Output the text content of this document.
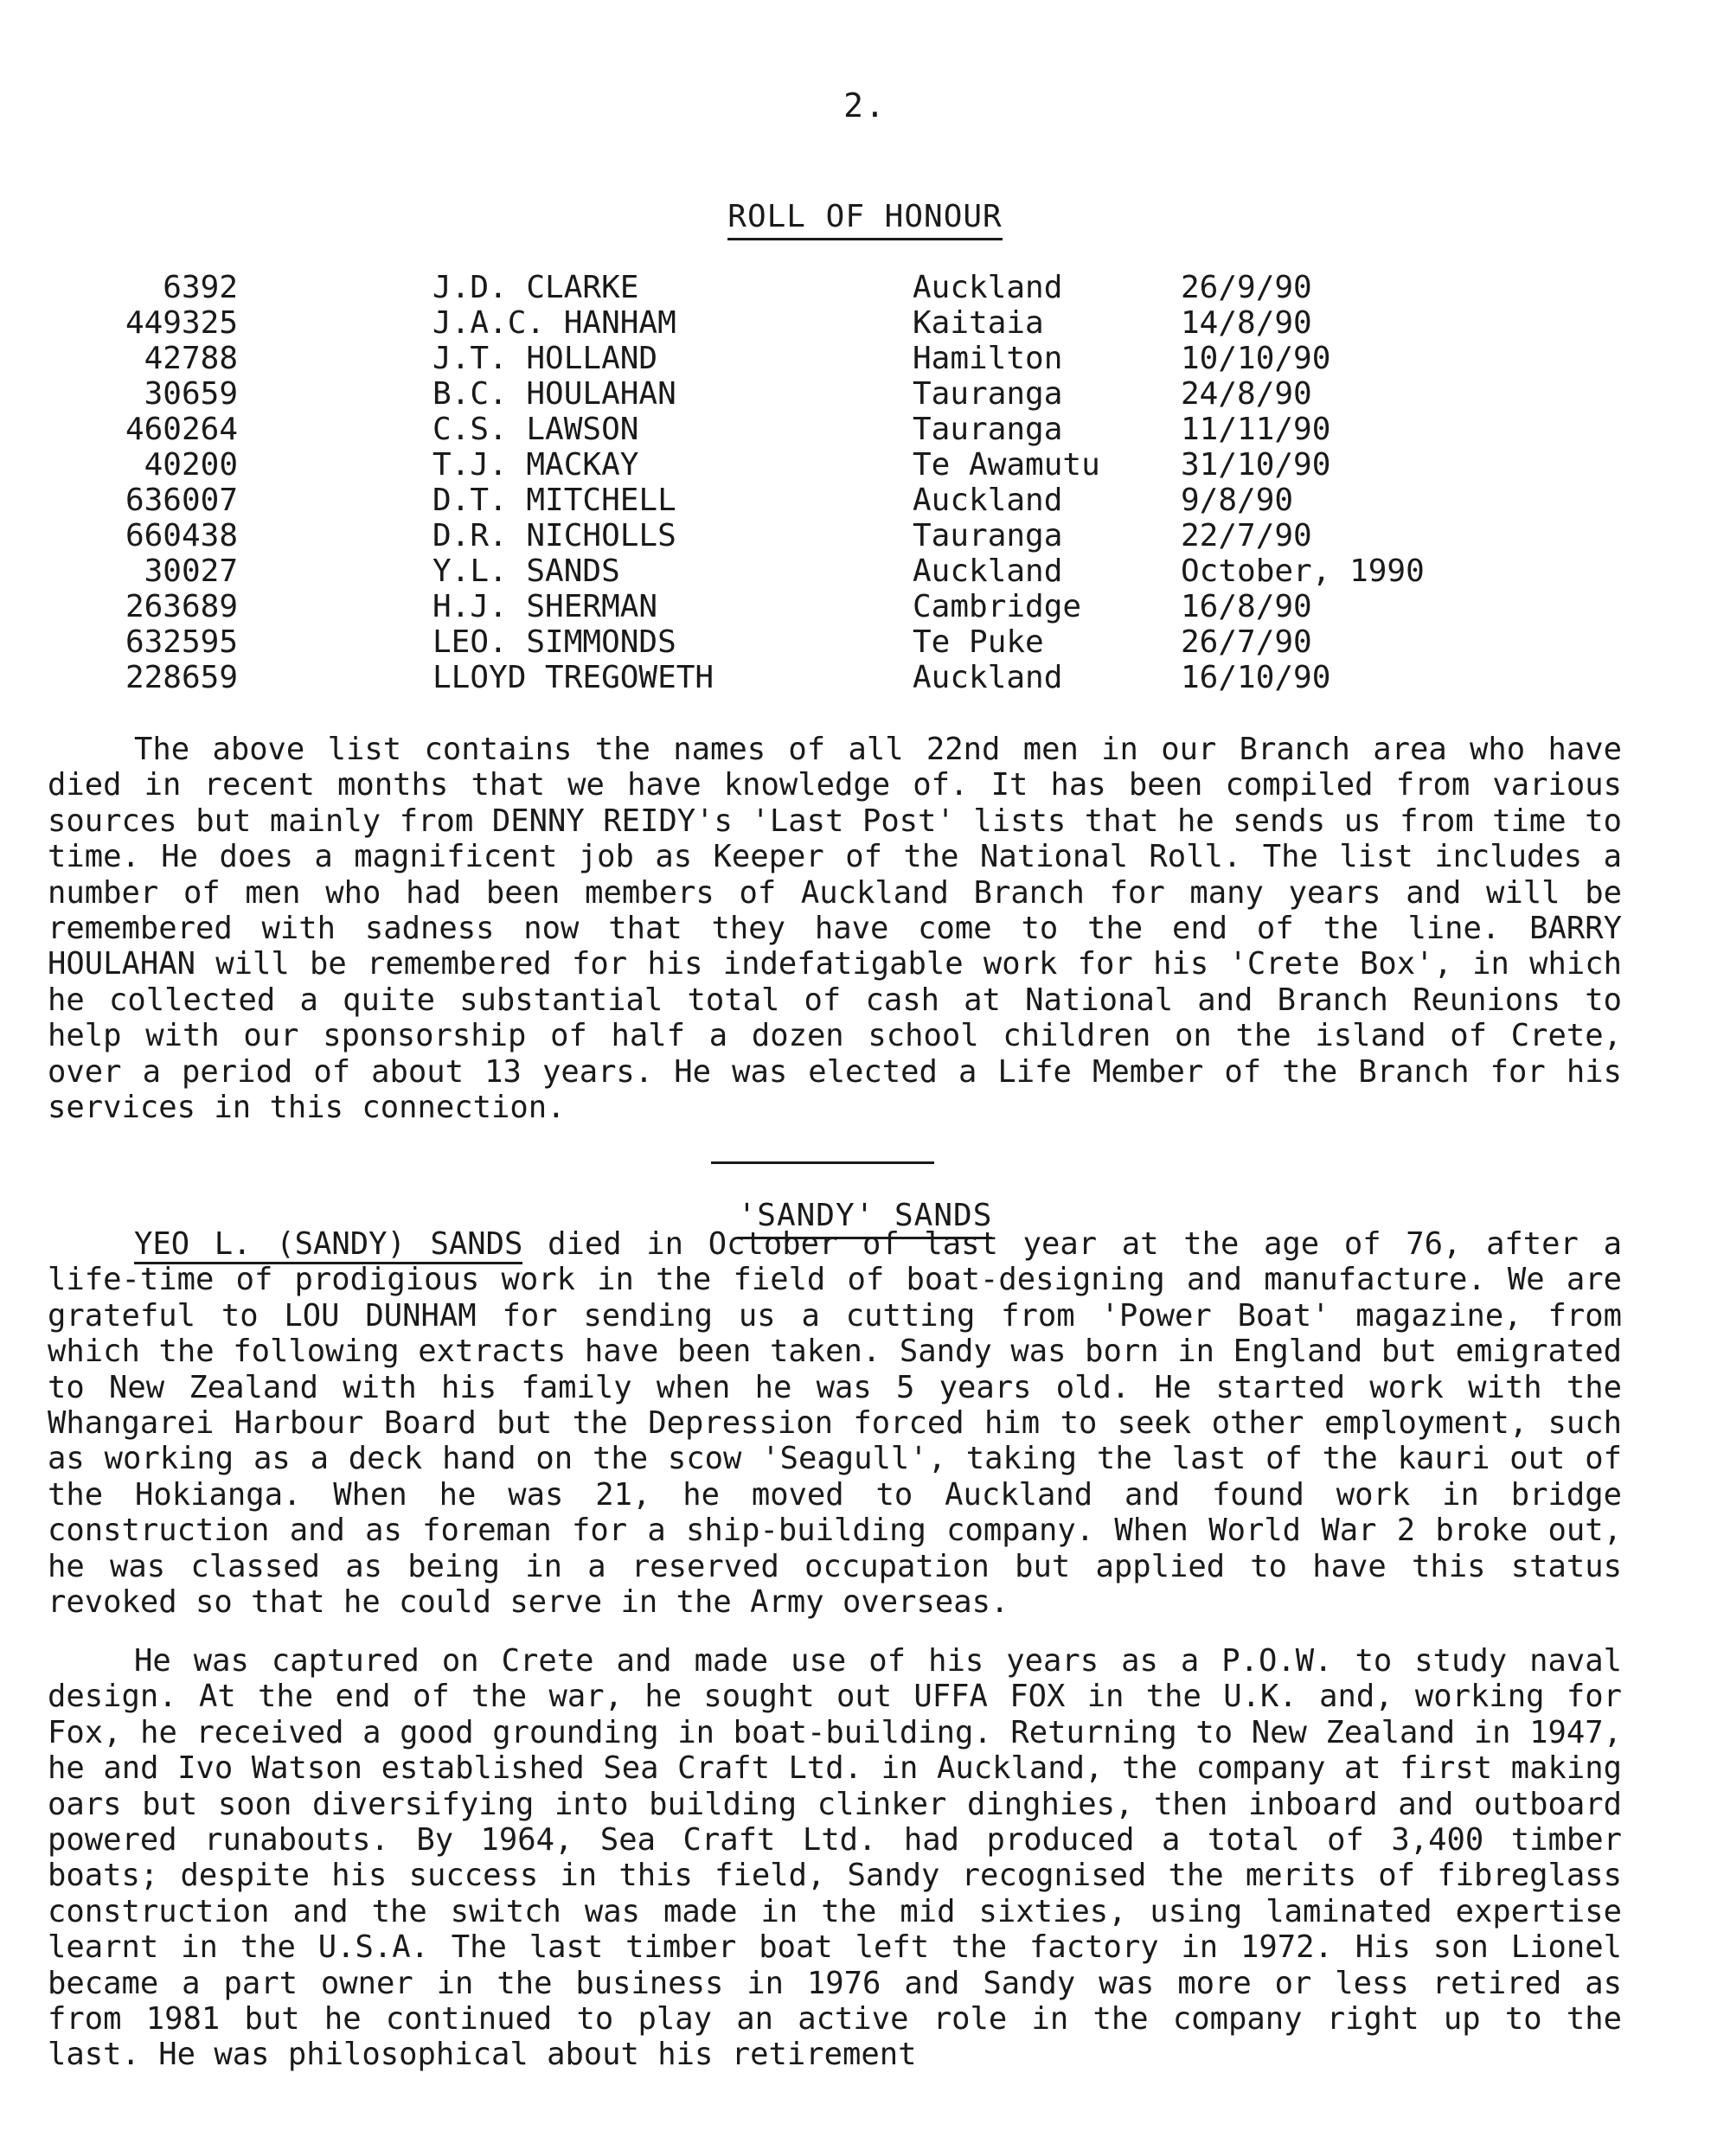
2.
ROLL OF HONOUR
6392	J.D. CLARKE	Auckland	26/9/90
449325	J.A.C. HANHAM	Kaitaia	14/8/90
42788	J.T. HOLLAND	Hamilton	10/10/90
30659	B.C. HOULAHAN	Tauranga	24/8/90
460264	C.S. LAWSON	Tauranga	11/11/90
40200	T.J. MACKAY	Te Awamutu	31/10/90
636007	D.T. MITCHELL	Auckland	9/8/90
660438	D.R. NICHOLLS	Tauranga	22/7/90
30027	Y.L. SANDS	Auckland	October, 1990
263689	H.J. SHERMAN	Cambridge	16/8/90
632595	LEO. SIMMONDS	Te Puke	26/7/90
228659	LLOYD TREGOWETH	Auckland	16/10/90

The above list contains the names of all 22nd men in our Branch area who have died in recent months that we have knowledge of. It has been compiled from various sources but mainly from DENNY REIDY's 'Last Post' lists that he sends us from time to time. He does a magnificent job as Keeper of the National Roll. The list includes a number of men who had been members of Auckland Branch for many years and will be remembered with sadness now that they have come to the end of the line. BARRY HOULAHAN will be remembered for his indefatigable work for his 'Crete Box', in which he collected a quite substantial total of cash at National and Branch Reunions to help with our sponsorship of half a dozen school children on the island of Crete, over a period of about 13 years. He was elected a Life Member of the Branch for his services in this connection.

'SANDY' SANDS

YEO L. (SANDY) SANDS died in October of last year at the age of 76, after a life-time of prodigious work in the field of boat-designing and manufacture. We are grateful to LOU DUNHAM for sending us a cutting from 'Power Boat' magazine, from which the following extracts have been taken. Sandy was born in England but emigrated to New Zealand with his family when he was 5 years old. He started work with the Whangarei Harbour Board but the Depression forced him to seek other employment, such as working as a deck hand on the scow 'Seagull', taking the last of the kauri out of the Hokianga. When he was 21, he moved to Auckland and found work in bridge construction and as foreman for a ship-building company. When World War 2 broke out, he was classed as being in a reserved occupation but applied to have this status revoked so that he could serve in the Army overseas.

He was captured on Crete and made use of his years as a P.O.W. to study naval design. At the end of the war, he sought out UFFA FOX in the U.K. and, working for Fox, he received a good grounding in boat-building. Returning to New Zealand in 1947, he and Ivo Watson established Sea Craft Ltd. in Auckland, the company at first making oars but soon diversifying into building clinker dinghies, then inboard and outboard powered runabouts. By 1964, Sea Craft Ltd. had produced a total of 3,400 timber boats; despite his success in this field, Sandy recognised the merits of fibreglass construction and the switch was made in the mid sixties, using laminated expertise learnt in the U.S.A. The last timber boat left the factory in 1972. His son Lionel became a part owner in the business in 1976 and Sandy was more or less retired as from 1981 but he continued to play an active role in the company right up to the last. He was philosophical about his retirement
